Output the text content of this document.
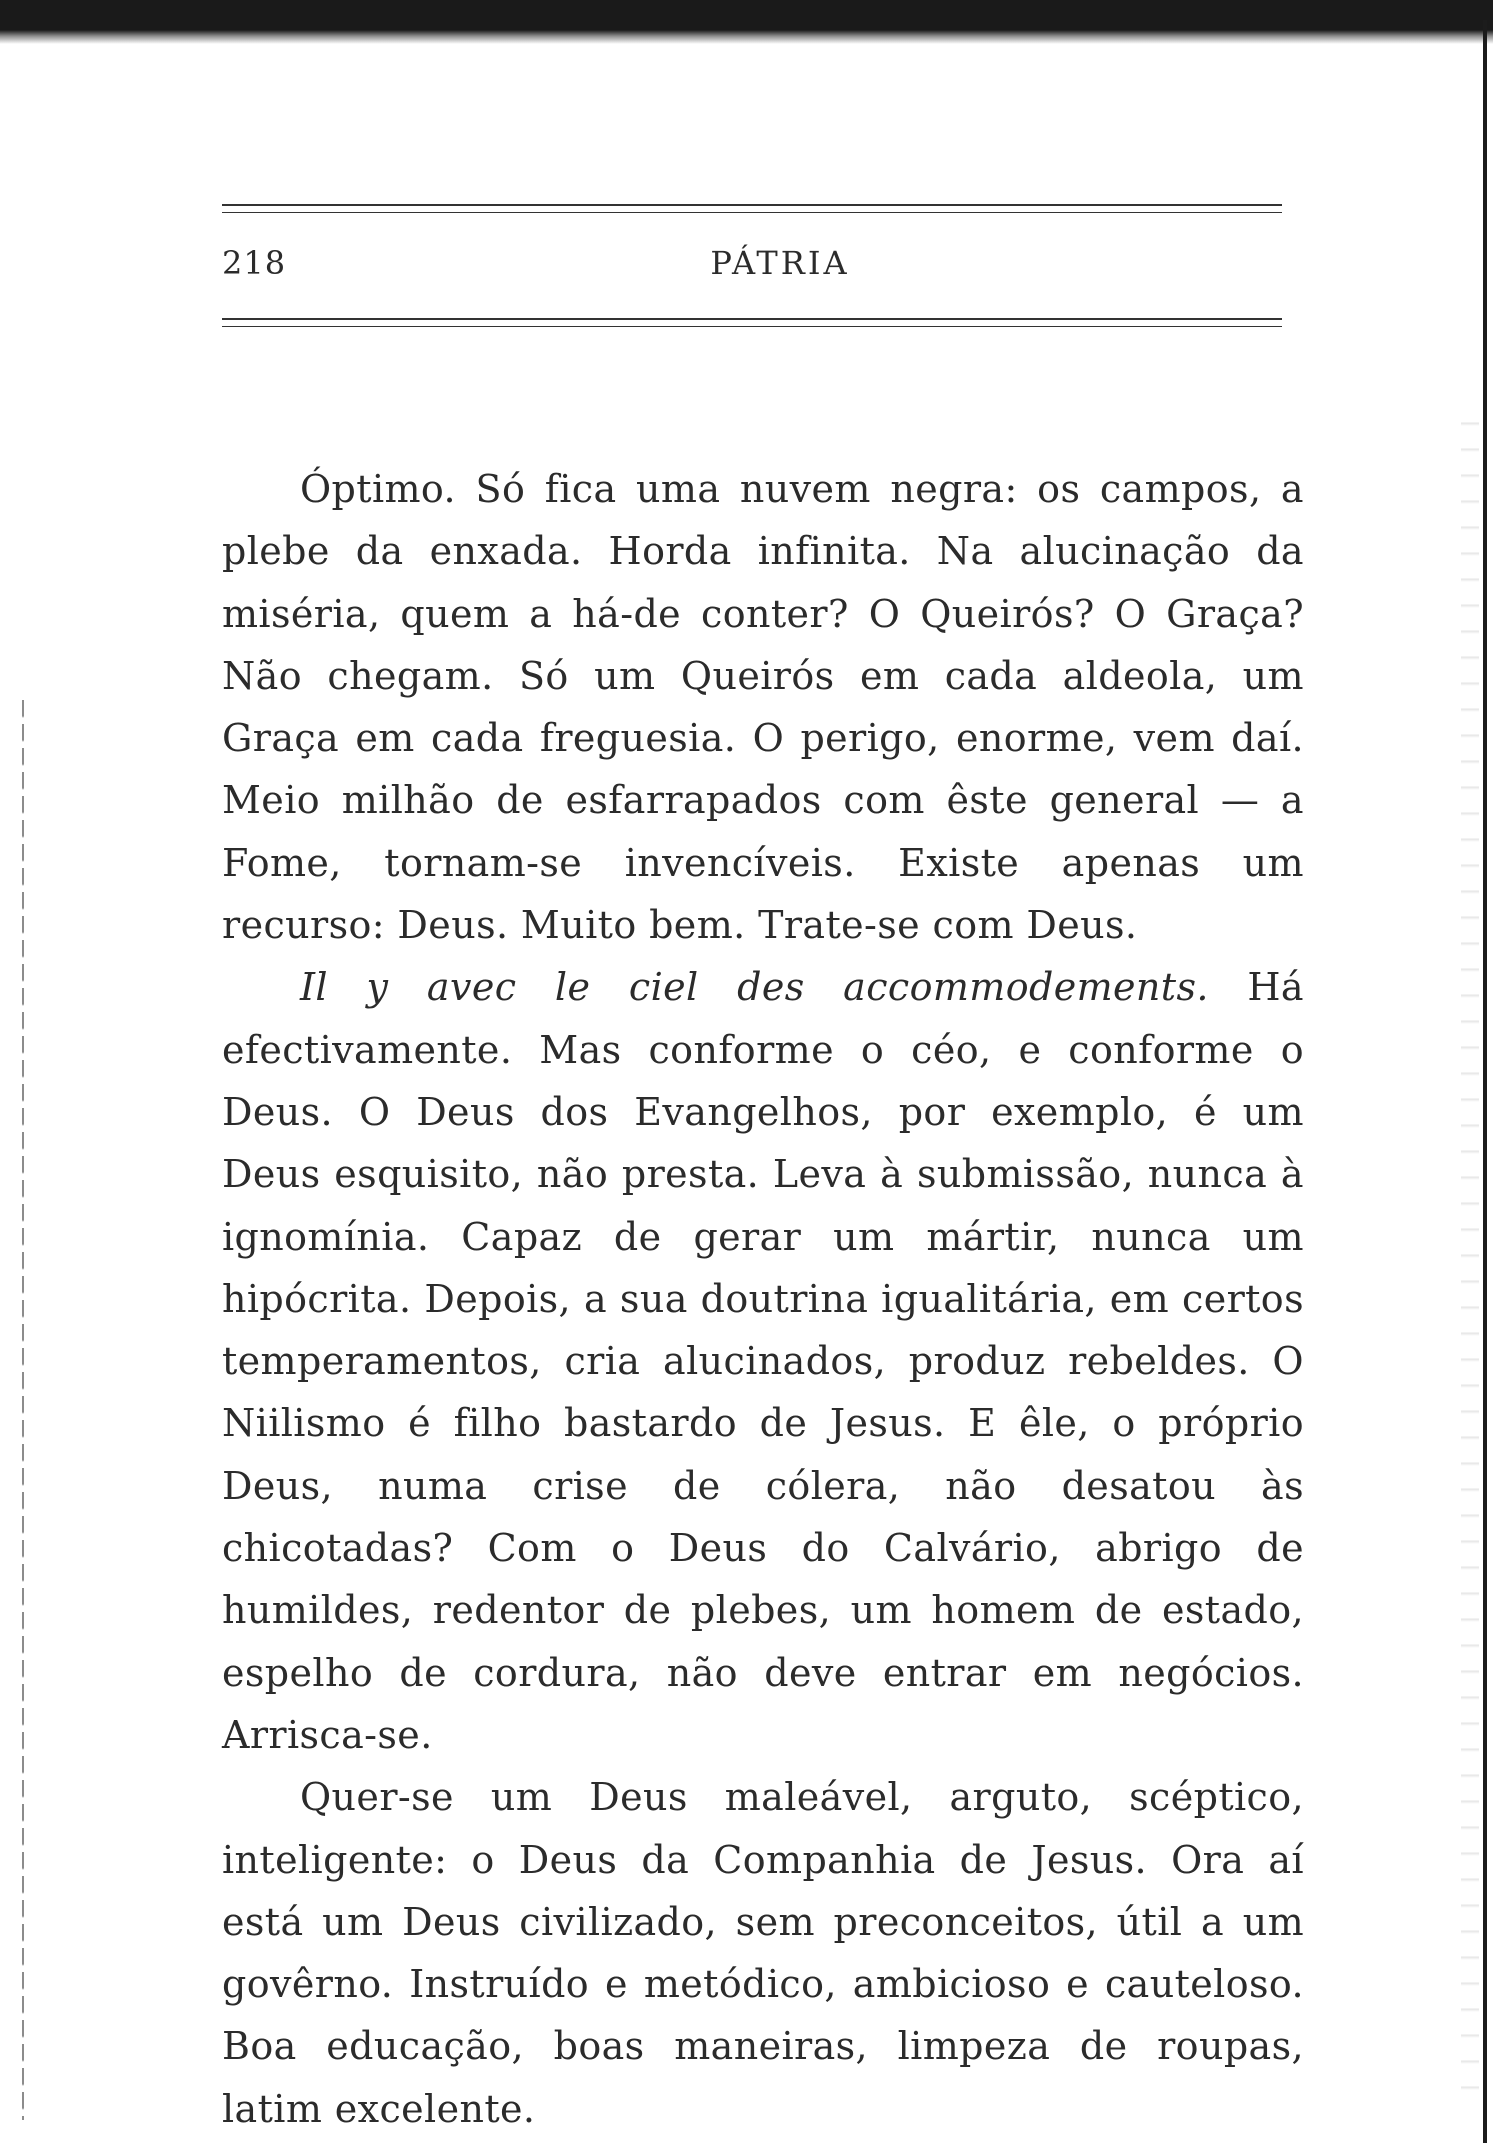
218	PÁTRIA

Óptimo. Só fica uma nuvem negra: os campos, a plebe da enxada. Horda infinita. Na alucinação da miséria, quem a há-de conter? O Queirós? O Graça? Não chegam. Só um Queirós em cada aldeola, um Graça em cada freguesia. O perigo, enorme, vem daí. Meio milhão de esfarrapados com êste general — a Fome, tornam-se invencíveis. Existe apenas um recurso: Deus. Muito bem. Trate-se com Deus.

Il y avec le ciel des accommodements. Há efectivamente. Mas conforme o céo, e conforme o Deus. O Deus dos Evangelhos, por exemplo, é um Deus esquisito, não presta. Leva à submissão, nunca à ignomínia. Capaz de gerar um mártir, nunca um hipócrita. Depois, a sua doutrina igualitária, em certos temperamentos, cria alucinados, produz rebeldes. O Niilismo é filho bastardo de Jesus. E êle, o próprio Deus, numa crise de cólera, não desatou às chicotadas? Com o Deus do Calvário, abrigo de humildes, redentor de plebes, um homem de estado, espelho de cordura, não deve entrar em negócios. Arrisca-se.

Quer-se um Deus maleável, arguto, scéptico, inteligente: o Deus da Companhia de Jesus. Ora aí está um Deus civilizado, sem preconceitos, útil a um govêrno. Instruído e metódico, ambicioso e cauteloso. Boa educação, boas maneiras, limpeza de roupas, latim excelente.
